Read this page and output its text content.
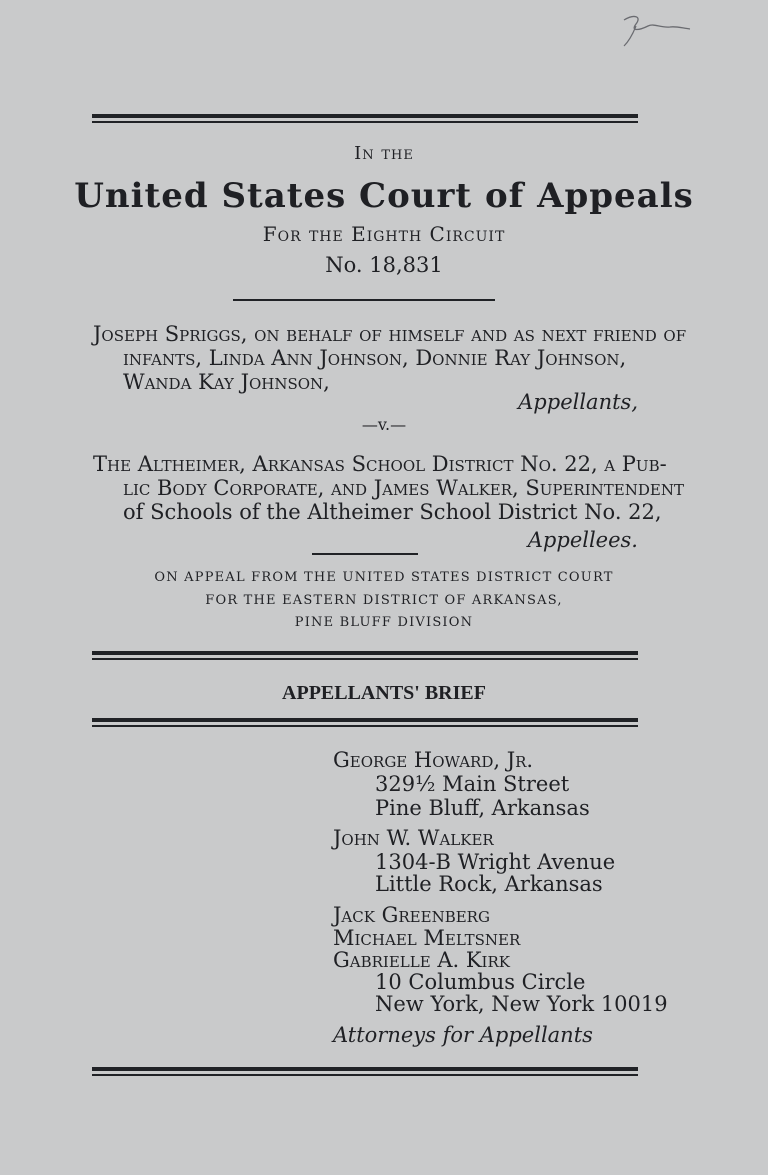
In the
United States Court of Appeals
For the Eighth Circuit
No. 18,831
Joseph Spriggs, on behalf of himself and as next friend of
infants, Linda Ann Johnson, Donnie Ray Johnson,
Wanda Kay Johnson,
Appellants,
—v.—
The Altheimer, Arkansas School District No. 22, a Pub-
lic Body Corporate, and James Walker, Superintendent
of Schools of the Altheimer School District No. 22,
Appellees.
ON APPEAL FROM THE UNITED STATES DISTRICT COURT
FOR THE EASTERN DISTRICT OF ARKANSAS,
PINE BLUFF DIVISION
APPELLANTS' BRIEF
George Howard, Jr.
329½ Main Street
Pine Bluff, Arkansas
John W. Walker
1304-B Wright Avenue
Little Rock, Arkansas
Jack Greenberg
Michael Meltsner
Gabrielle A. Kirk
10 Columbus Circle
New York, New York 10019
Attorneys for Appellants
